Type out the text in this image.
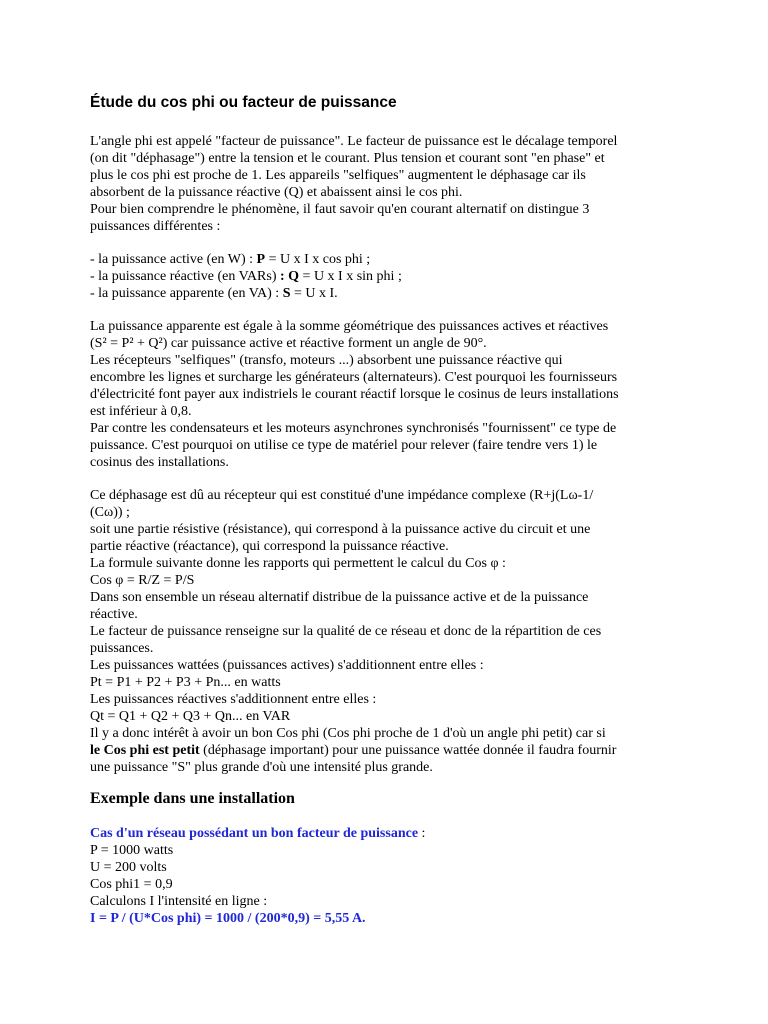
Étude du cos phi ou facteur de puissance
L'angle phi est appelé "facteur de puissance". Le facteur de puissance est le décalage temporel
(on dit "déphasage") entre la tension et le courant. Plus tension et courant sont "en phase" et
plus le cos phi est proche de 1. Les appareils "selfiques" augmentent le déphasage car ils
absorbent de la puissance réactive (Q) et abaissent ainsi le cos phi.
Pour bien comprendre le phénomène, il faut savoir qu'en courant alternatif on distingue 3
puissances différentes :
- la puissance active (en W) : P = U x I x cos phi ;
- la puissance réactive (en VARs) : Q = U x I x sin phi ;
- la puissance apparente (en VA) : S = U x I.
La puissance apparente est égale à la somme géométrique des puissances actives et réactives
(S² = P² + Q²) car puissance active et réactive forment un angle de 90°.
Les récepteurs "selfiques" (transfo, moteurs ...) absorbent une puissance réactive qui
encombre les lignes et surcharge les générateurs (alternateurs). C'est pourquoi les fournisseurs
d'électricité font payer aux indistriels le courant réactif lorsque le cosinus de leurs installations
est inférieur à 0,8.
Par contre les condensateurs et les moteurs asynchrones synchronisés "fournissent" ce type de
puissance. C'est pourquoi on utilise ce type de matériel pour relever (faire tendre vers 1) le
cosinus des installations.
Ce déphasage est dû au récepteur qui est constitué d'une impédance complexe (R+j(Lω-1/
(Cω)) ;
soit une partie résistive (résistance), qui correspond à la puissance active du circuit et une
partie réactive (réactance), qui correspond la puissance réactive.
La formule suivante donne les rapports qui permettent le calcul du Cos φ :
Cos φ = R/Z = P/S
Dans son ensemble un réseau alternatif distribue de la puissance active et de la puissance
réactive.
Le facteur de puissance renseigne sur la qualité de ce réseau et donc de la répartition de ces
puissances.
Les puissances wattées (puissances actives) s'additionnent entre elles :
Pt = P1 + P2 + P3 + Pn... en watts
Les puissances réactives s'additionnent entre elles :
Qt = Q1 + Q2 + Q3 + Qn... en VAR
Il y a donc intérêt à avoir un bon Cos phi (Cos phi proche de 1 d'où un angle phi petit) car si
le Cos phi est petit (déphasage important) pour une puissance wattée donnée il faudra fournir
une puissance "S" plus grande d'où une intensité plus grande.
Exemple dans une installation
Cas d'un réseau possédant un bon facteur de puissance :
P = 1000 watts
U = 200 volts
Cos phi1 = 0,9
Calculons I l'intensité en ligne :
I = P / (U*Cos phi) = 1000 / (200*0,9) = 5,55 A.
